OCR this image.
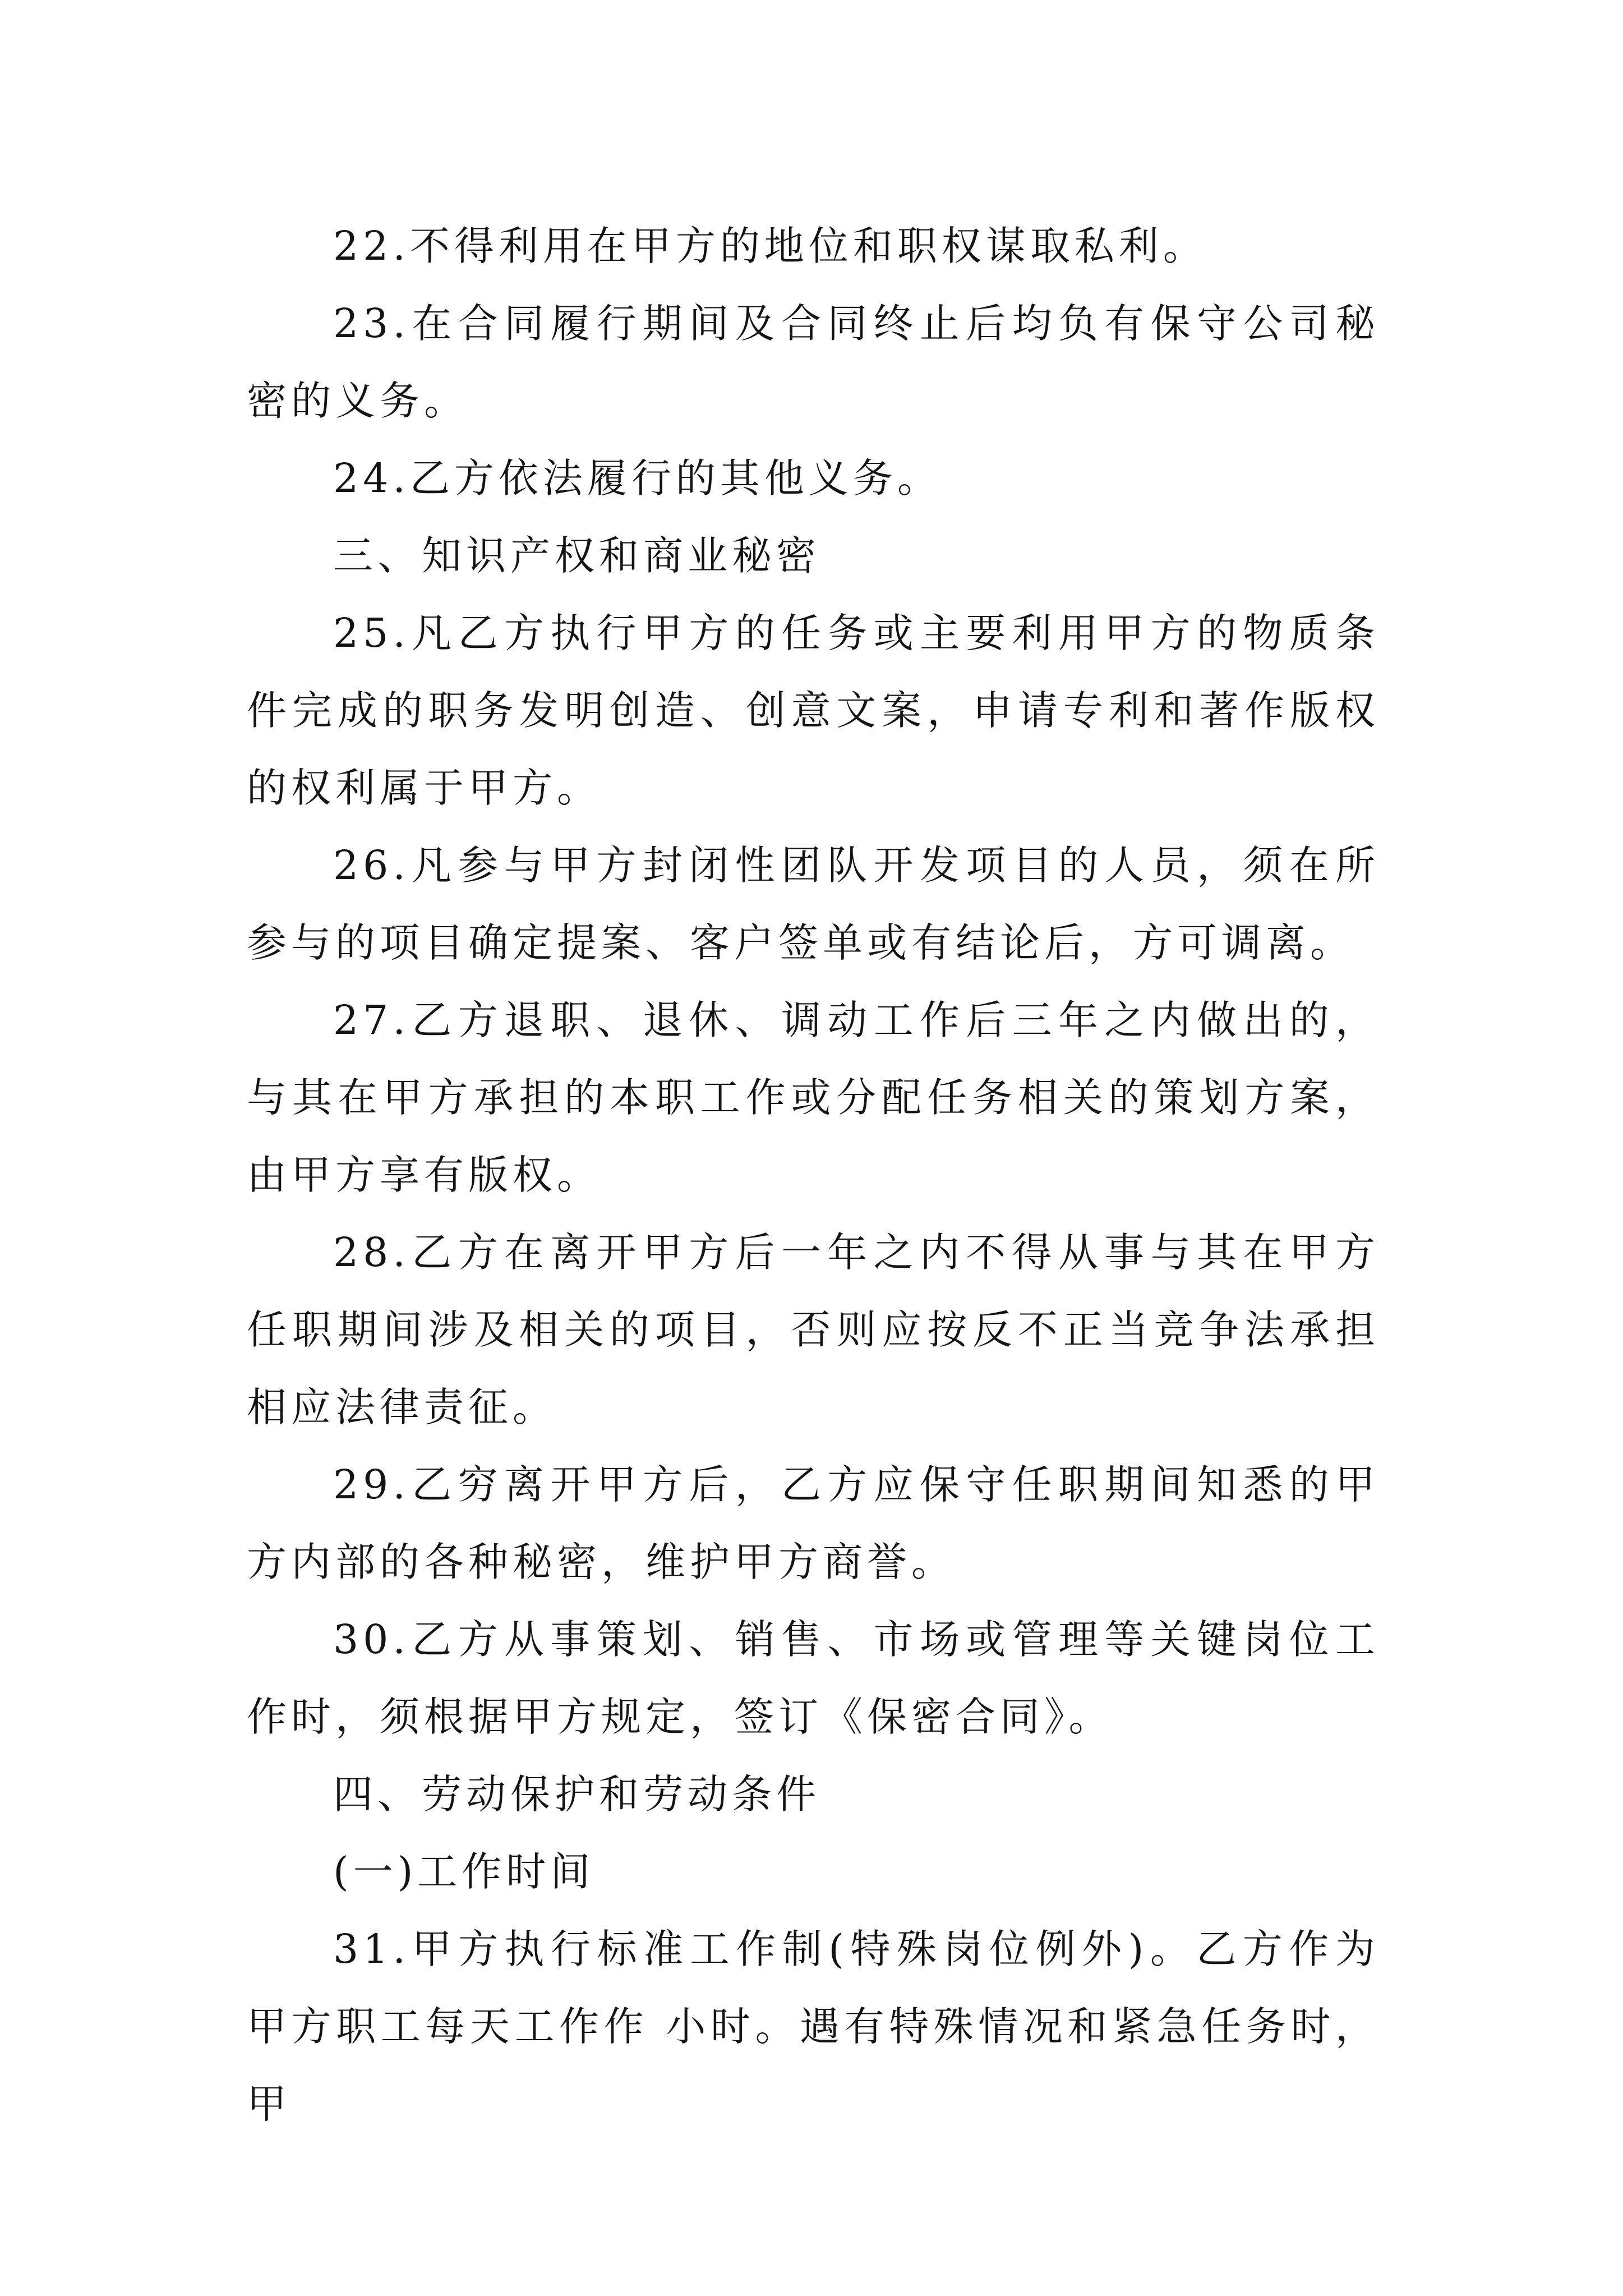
22.不得利用在甲方的地位和职权谋取私利。

23.在合同履行期间及合同终止后均负有保守公司秘密的义务。

24.乙方依法履行的其他义务。

三、知识产权和商业秘密

25.凡乙方执行甲方的任务或主要利用甲方的物质条件完成的职务发明创造、创意文案，申请专利和著作版权的权利属于甲方。

26.凡参与甲方封闭性团队开发项目的人员，须在所参与的项目确定提案、客户签单或有结论后，方可调离。

27.乙方退职、退休、调动工作后三年之内做出的，与其在甲方承担的本职工作或分配任务相关的策划方案，由甲方享有版权。

28.乙方在离开甲方后一年之内不得从事与其在甲方任职期间涉及相关的项目，否则应按反不正当竞争法承担相应法律责征。

29.乙穷离开甲方后，乙方应保守任职期间知悉的甲方内部的各种秘密，维护甲方商誉。

30.乙方从事策划、销售、市场或管理等关键岗位工作时，须根据甲方规定，签订《保密合同》。

四、劳动保护和劳动条件

(一)工作时间

31.甲方执行标准工作制(特殊岗位例外)。乙方作为甲方职工每天工作作 小时。遇有特殊情况和紧急任务时，甲
